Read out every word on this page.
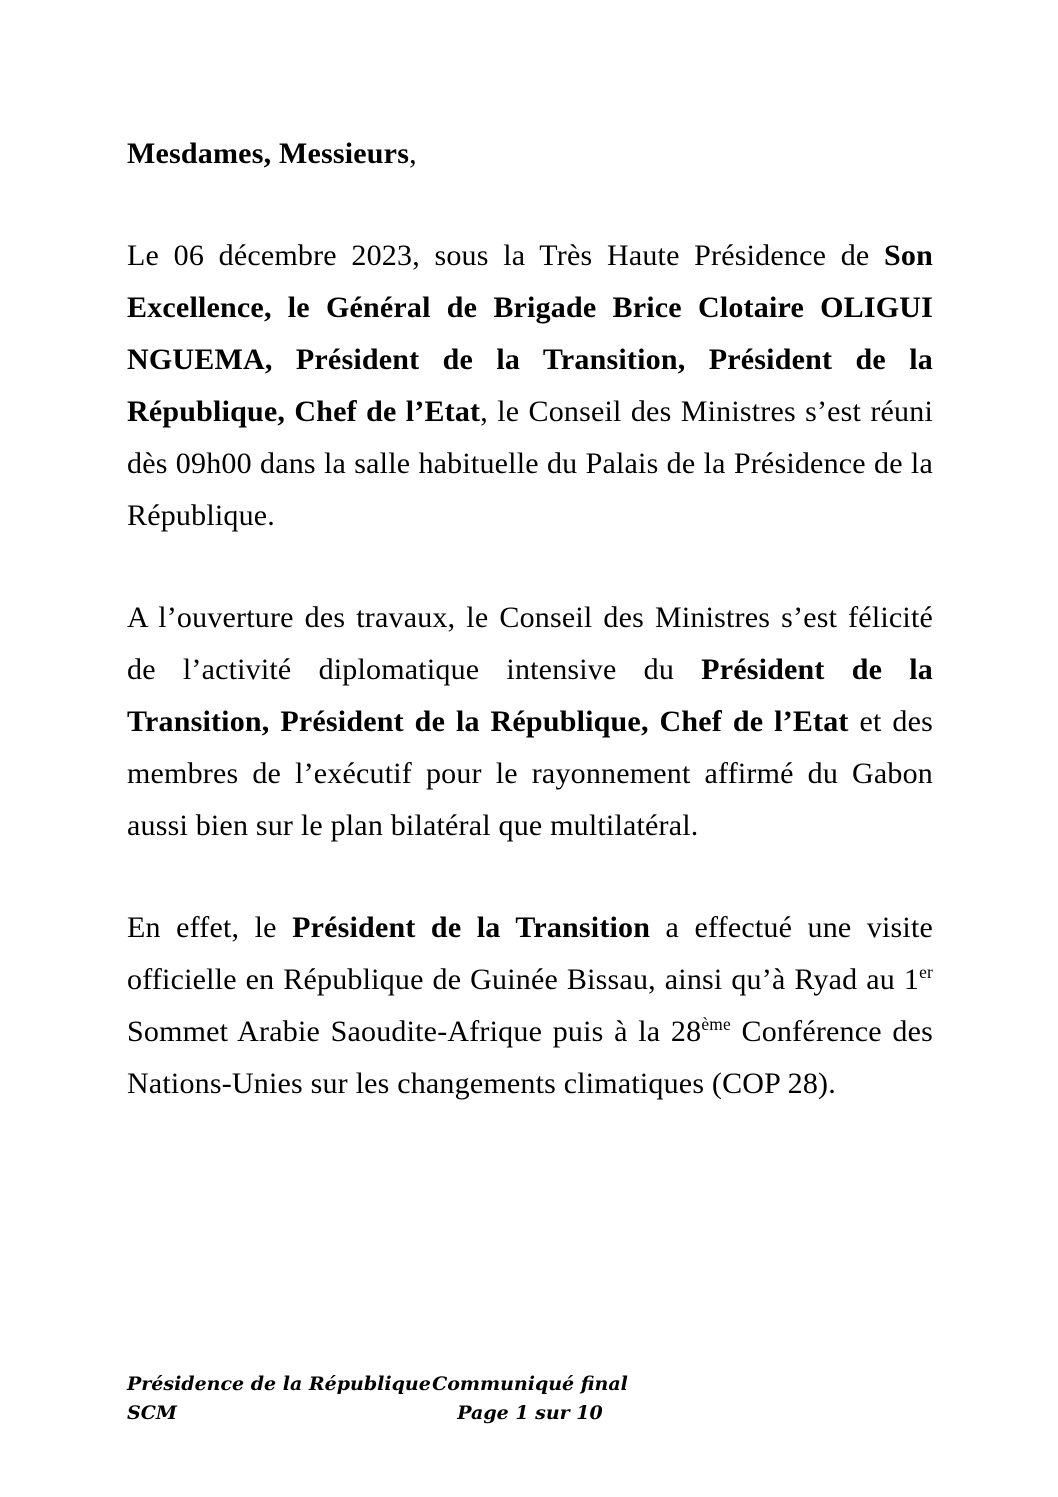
Mesdames, Messieurs,

Le 06 décembre 2023, sous la Très Haute Présidence de Son Excellence, le Général de Brigade Brice Clotaire OLIGUI NGUEMA, Président de la Transition, Président de la République, Chef de l’Etat, le Conseil des Ministres s’est réuni dès 09h00 dans la salle habituelle du Palais de la Présidence de la République.

A l’ouverture des travaux, le Conseil des Ministres s’est félicité de l’activité diplomatique intensive du Président de la Transition, Président de la République, Chef de l’Etat et des membres de l’exécutif pour le rayonnement affirmé du Gabon aussi bien sur le plan bilatéral que multilatéral.

En effet, le Président de la Transition a effectué une visite officielle en République de Guinée Bissau, ainsi qu’à Ryad au 1er Sommet Arabie Saoudite-Afrique puis à la 28ème Conférence des Nations-Unies sur les changements climatiques (COP 28).

Présidence de la République
SCM
Communiqué final
Page 1 sur 10
